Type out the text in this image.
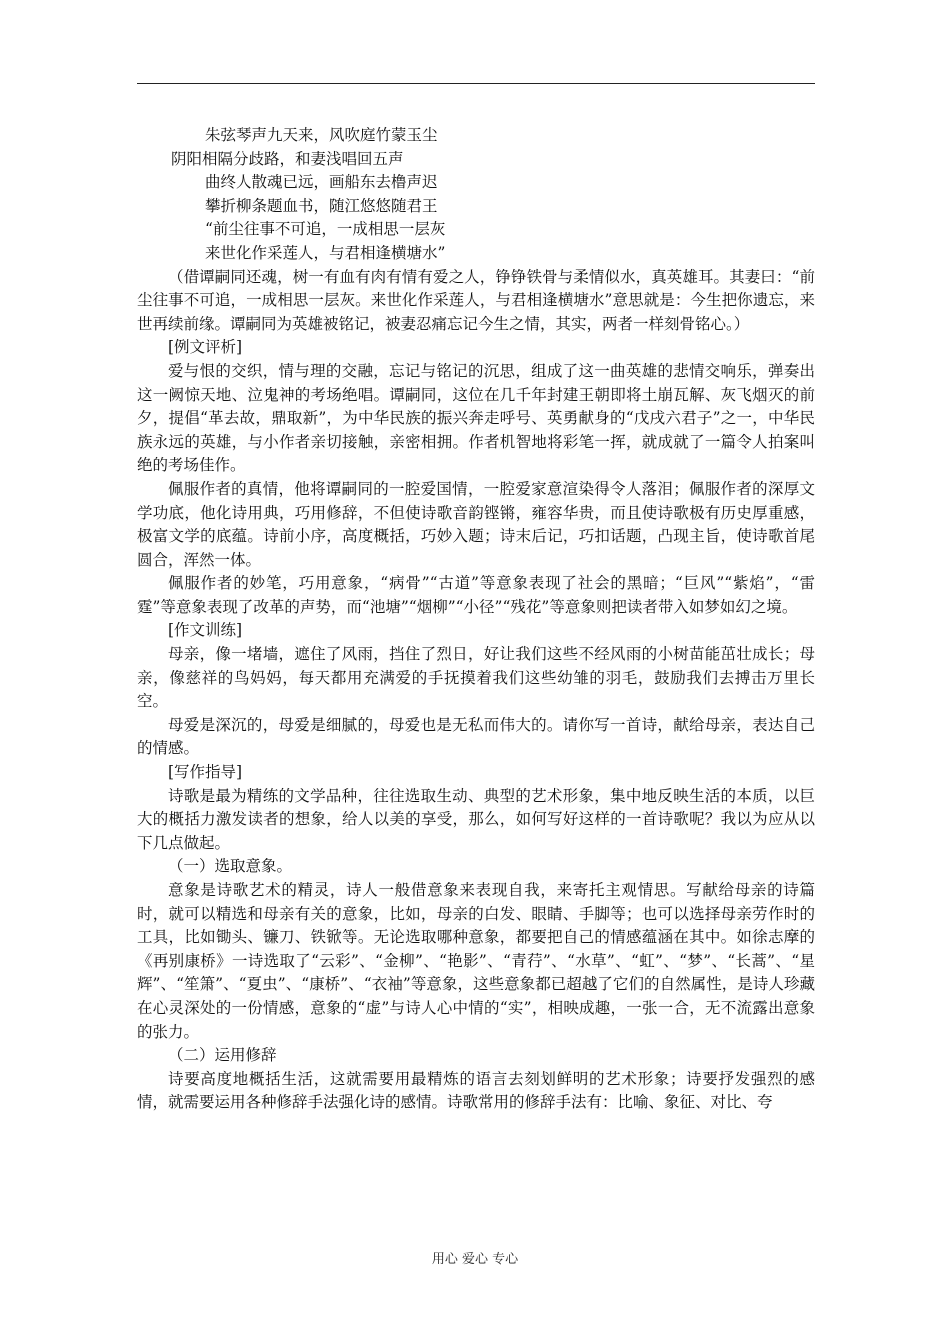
朱弦琴声九天来，风吹庭竹蒙玉尘

阴阳相隔分歧路，和妻浅唱回五声

曲终人散魂已远，画船东去橹声迟

攀折柳条题血书，随江悠悠随君王

“前尘往事不可追，一成相思一层灰

来世化作采莲人，与君相逢横塘水”

（借谭嗣同还魂，树一有血有肉有情有爱之人，铮铮铁骨与柔情似水，真英雄耳。其妻曰：“前尘往事不可追，一成相思一层灰。来世化作采莲人，与君相逢横塘水”意思就是：今生把你遗忘，来世再续前缘。谭嗣同为英雄被铭记，被妻忍痛忘记今生之情，其实，两者一样刻骨铭心。）

[例文评析]

爱与恨的交织，情与理的交融，忘记与铭记的沉思，组成了这一曲英雄的悲情交响乐，弹奏出这一阙惊天地、泣鬼神的考场绝唱。谭嗣同，这位在几千年封建王朝即将土崩瓦解、灰飞烟灭的前夕，提倡“革去故，鼎取新”，为中华民族的振兴奔走呼号、英勇献身的“戊戌六君子”之一，中华民族永远的英雄，与小作者亲切接触，亲密相拥。作者机智地将彩笔一挥，就成就了一篇令人拍案叫绝的考场佳作。

佩服作者的真情，他将谭嗣同的一腔爱国情，一腔爱家意渲染得令人落泪；佩服作者的深厚文学功底，他化诗用典，巧用修辞，不但使诗歌音韵铿锵，雍容华贵，而且使诗歌极有历史厚重感，极富文学的底蕴。诗前小序，高度概括，巧妙入题；诗末后记，巧扣话题，凸现主旨，使诗歌首尾圆合，浑然一体。

佩服作者的妙笔，巧用意象，“病骨”“古道”等意象表现了社会的黑暗；“巨风”“紫焰”，“雷霆”等意象表现了改革的声势，而“池塘”“烟柳”“小径”“残花”等意象则把读者带入如梦如幻之境。

[作文训练]

母亲，像一堵墙，遮住了风雨，挡住了烈日，好让我们这些不经风雨的小树苗能茁壮成长；母亲，像慈祥的鸟妈妈，每天都用充满爱的手抚摸着我们这些幼雏的羽毛，鼓励我们去搏击万里长空。

母爱是深沉的，母爱是细腻的，母爱也是无私而伟大的。请你写一首诗，献给母亲，表达自己的情感。

[写作指导]

诗歌是最为精练的文学品种，往往选取生动、典型的艺术形象，集中地反映生活的本质，以巨大的概括力激发读者的想象，给人以美的享受，那么，如何写好这样的一首诗歌呢？我以为应从以下几点做起。

（一）选取意象。

意象是诗歌艺术的精灵，诗人一般借意象来表现自我，来寄托主观情思。写献给母亲的诗篇时，就可以精选和母亲有关的意象，比如，母亲的白发、眼睛、手脚等；也可以选择母亲劳作时的工具，比如锄头、镰刀、铁锨等。无论选取哪种意象，都要把自己的情感蕴涵在其中。如徐志摩的《再别康桥》一诗选取了“云彩”、“金柳”、“艳影”、“青荇”、“水草”、“虹”、“梦”、“长蒿”、“星辉”、“笙箫”、“夏虫”、“康桥”、“衣袖”等意象，这些意象都已超越了它们的自然属性，是诗人珍藏在心灵深处的一份情感，意象的“虚”与诗人心中情的“实”，相映成趣，一张一合，无不流露出意象的张力。

（二）运用修辞

诗要高度地概括生活，这就需要用最精炼的语言去刻划鲜明的艺术形象；诗要抒发强烈的感情，就需要运用各种修辞手法强化诗的感情。诗歌常用的修辞手法有：比喻、象征、对比、夸

用心 爱心 专心
